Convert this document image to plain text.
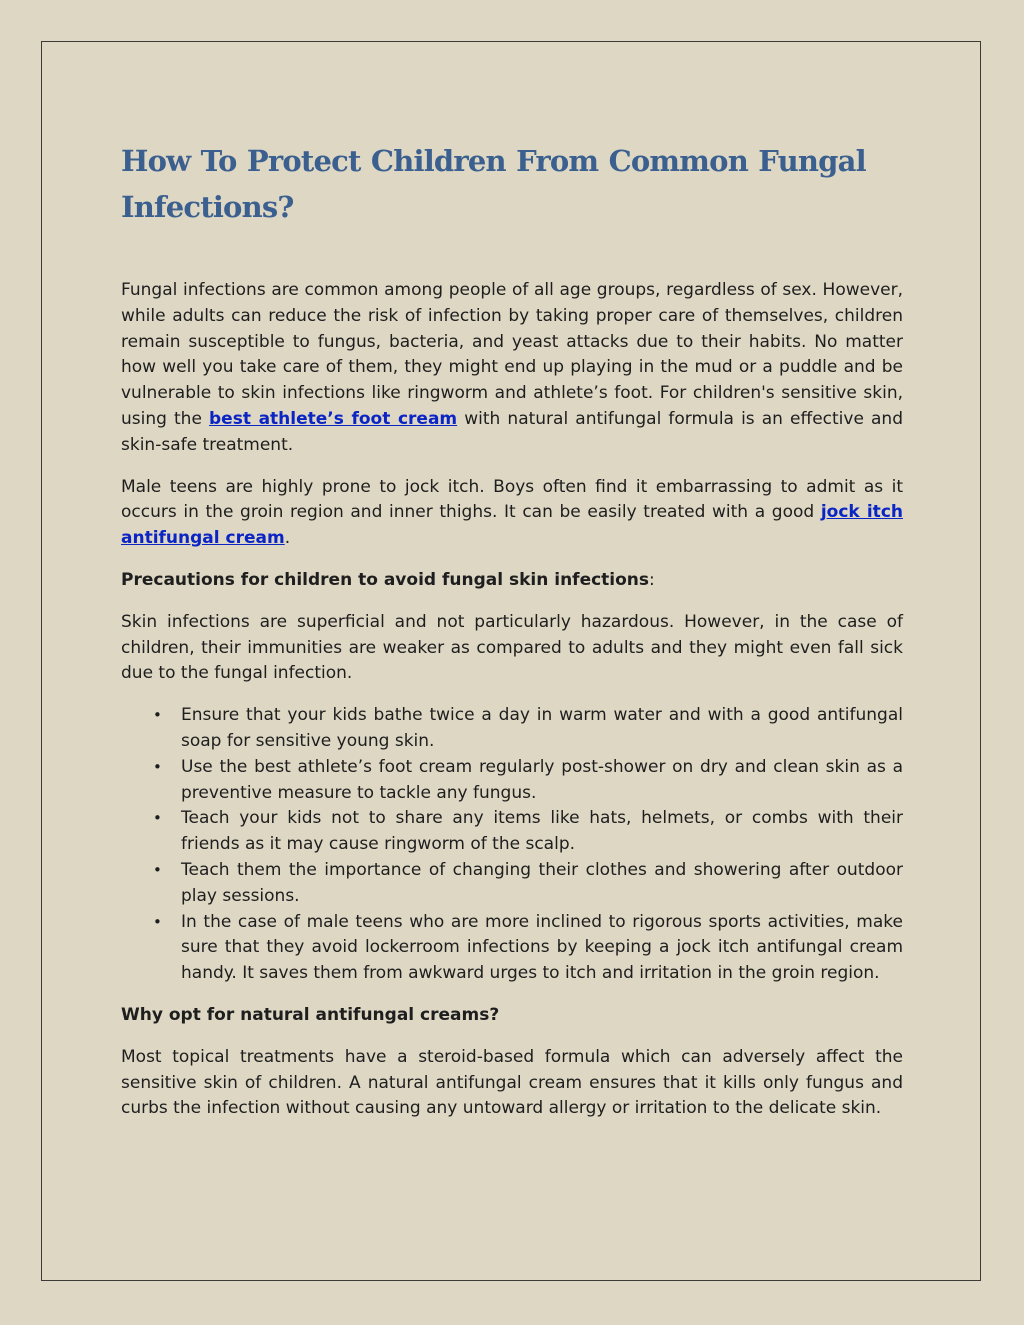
How To Protect Children From Common Fungal Infections?

Fungal infections are common among people of all age groups, regardless of sex. However, while adults can reduce the risk of infection by taking proper care of themselves, children remain susceptible to fungus, bacteria, and yeast attacks due to their habits. No matter how well you take care of them, they might end up playing in the mud or a puddle and be vulnerable to skin infections like ringworm and athlete’s foot. For children's sensitive skin, using the best athlete’s foot cream with natural antifungal formula is an effective and skin-safe treatment.

Male teens are highly prone to jock itch. Boys often find it embarrassing to admit as it occurs in the groin region and inner thighs. It can be easily treated with a good jock itch antifungal cream.

Precautions for children to avoid fungal skin infections:

Skin infections are superficial and not particularly hazardous. However, in the case of children, their immunities are weaker as compared to adults and they might even fall sick due to the fungal infection.

• Ensure that your kids bathe twice a day in warm water and with a good antifungal soap for sensitive young skin.
• Use the best athlete’s foot cream regularly post-shower on dry and clean skin as a preventive measure to tackle any fungus.
• Teach your kids not to share any items like hats, helmets, or combs with their friends as it may cause ringworm of the scalp.
• Teach them the importance of changing their clothes and showering after outdoor play sessions.
• In the case of male teens who are more inclined to rigorous sports activities, make sure that they avoid lockerroom infections by keeping a jock itch antifungal cream handy. It saves them from awkward urges to itch and irritation in the groin region.

Why opt for natural antifungal creams?

Most topical treatments have a steroid-based formula which can adversely affect the sensitive skin of children. A natural antifungal cream ensures that it kills only fungus and curbs the infection without causing any untoward allergy or irritation to the delicate skin.
